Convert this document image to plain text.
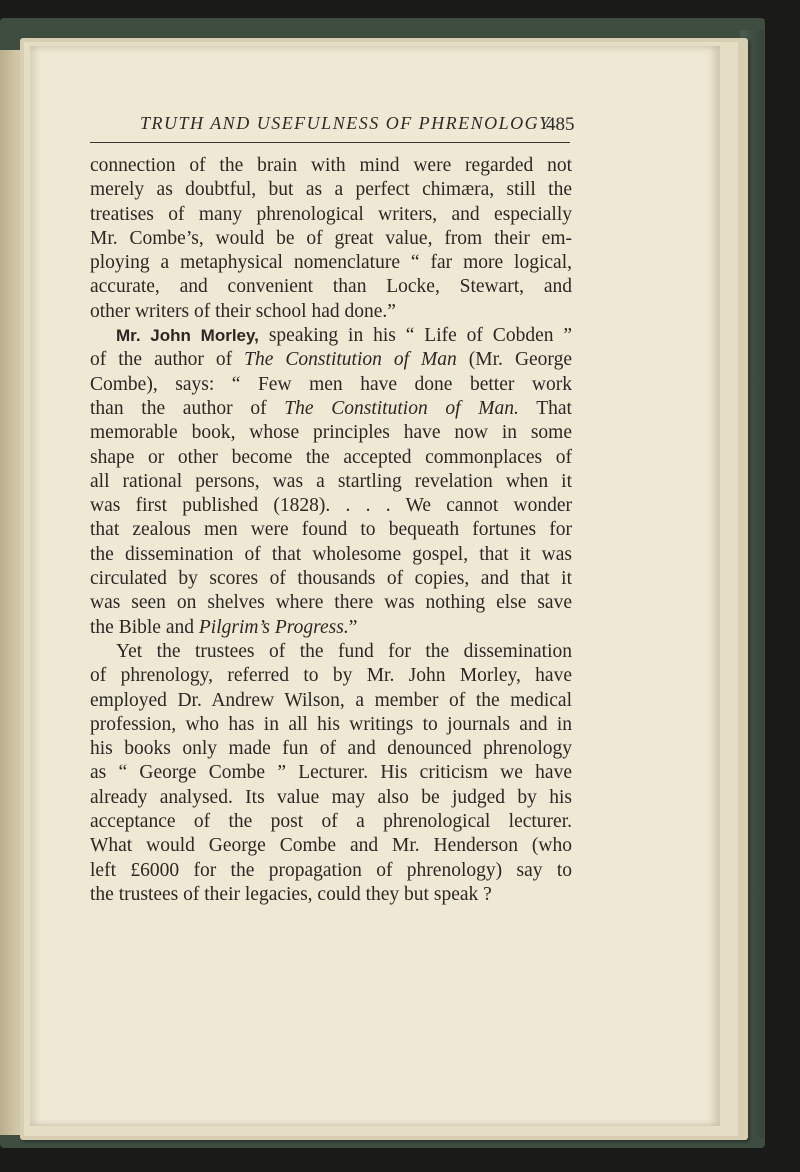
TRUTH AND USEFULNESS OF PHRENOLOGY
485
connection of the brain with mind were regarded not
merely as doubtful, but as a perfect chimæra, still the
treatises of many phrenological writers, and especially
Mr. Combe’s, would be of great value, from their em-
ploying a metaphysical nomenclature “ far more logical,
accurate, and convenient than Locke, Stewart, and
other writers of their school had done.”
Mr. John Morley, speaking in his “ Life of Cobden ”
of the author of The Constitution of Man (Mr. George
Combe), says: “ Few men have done better work
than the author of The Constitution of Man. That
memorable book, whose principles have now in some
shape or other become the accepted commonplaces of
all rational persons, was a startling revelation when it
was first published (1828). . . . We cannot wonder
that zealous men were found to bequeath fortunes for
the dissemination of that wholesome gospel, that it was
circulated by scores of thousands of copies, and that it
was seen on shelves where there was nothing else save
the Bible and Pilgrim’s Progress.”
Yet the trustees of the fund for the dissemination
of phrenology, referred to by Mr. John Morley, have
employed Dr. Andrew Wilson, a member of the medical
profession, who has in all his writings to journals and in
his books only made fun of and denounced phrenology
as “ George Combe ” Lecturer. His criticism we have
already analysed. Its value may also be judged by his
acceptance of the post of a phrenological lecturer.
What would George Combe and Mr. Henderson (who
left £6000 for the propagation of phrenology) say to
the trustees of their legacies, could they but speak ?
